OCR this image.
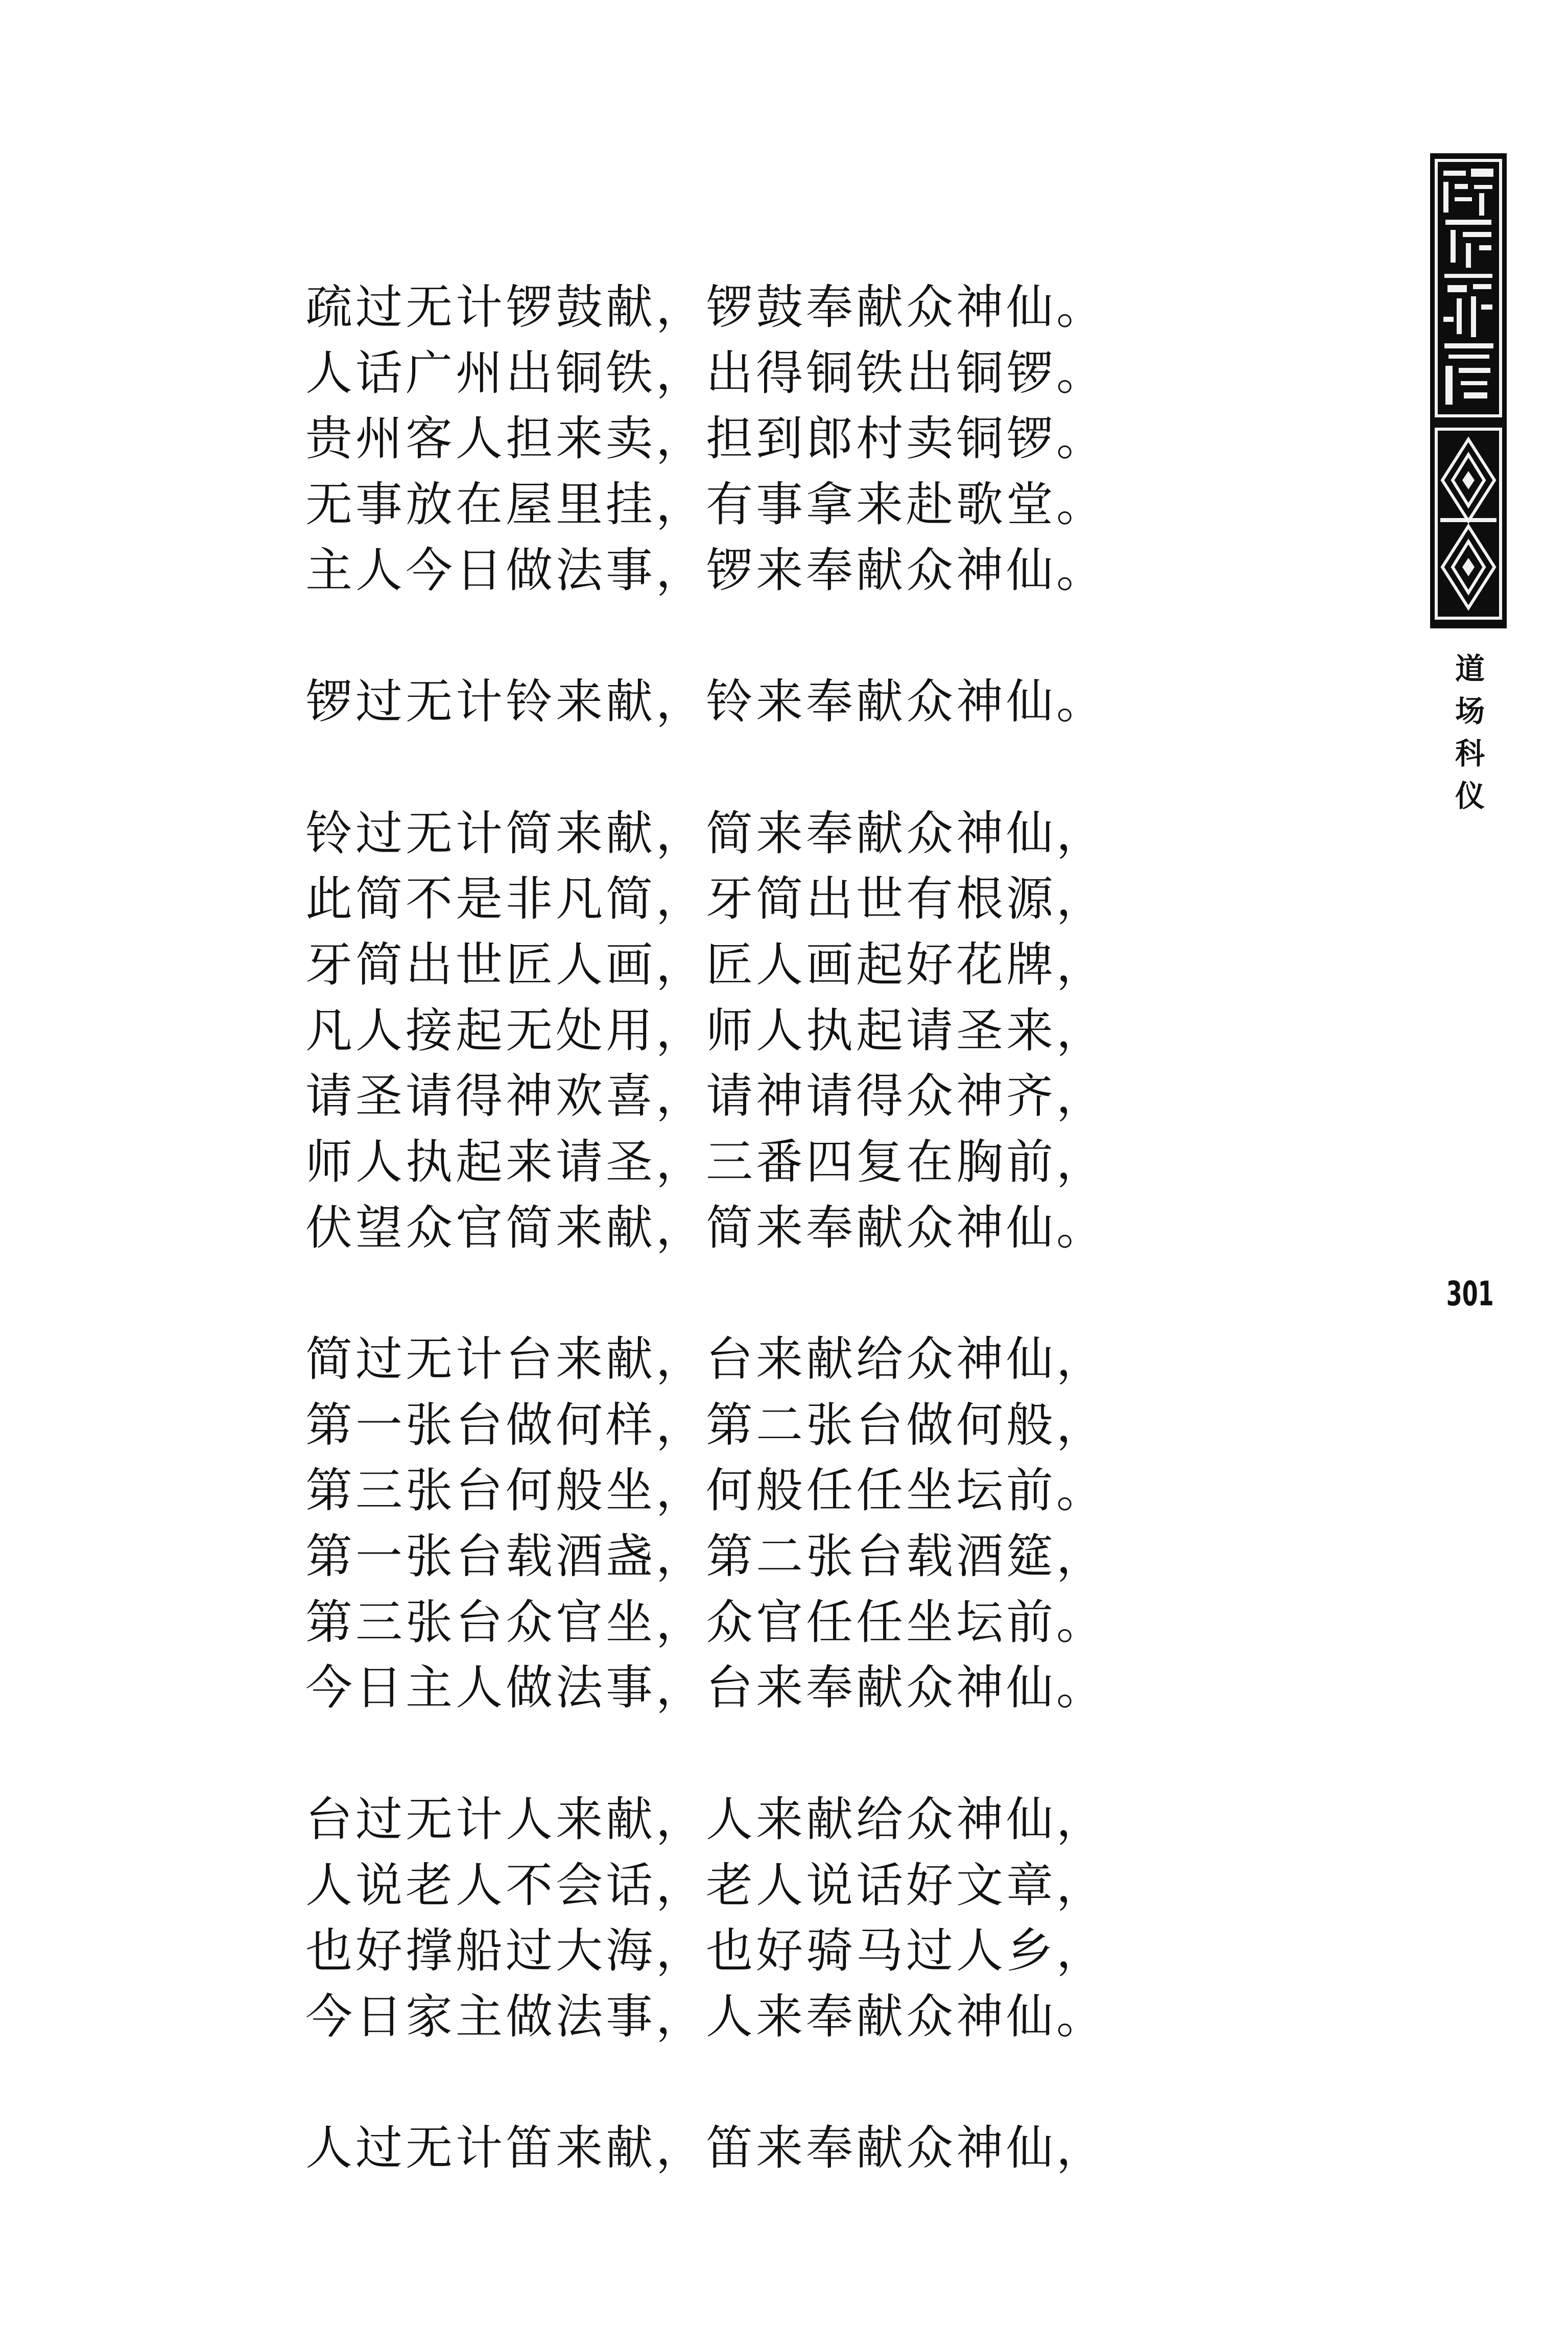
疏过无计锣鼓献，锣鼓奉献众神仙。
人话广州出铜铁，出得铜铁出铜锣。
贵州客人担来卖，担到郎村卖铜锣。
无事放在屋里挂，有事拿来赴歌堂。
主人今日做法事，锣来奉献众神仙。
锣过无计铃来献，铃来奉献众神仙。
铃过无计简来献，简来奉献众神仙，
此简不是非凡简，牙简出世有根源，
牙简出世匠人画，匠人画起好花牌，
凡人接起无处用，师人执起请圣来，
请圣请得神欢喜，请神请得众神齐，
师人执起来请圣，三番四复在胸前，
伏望众官简来献，简来奉献众神仙。
简过无计台来献，台来献给众神仙，
第一张台做何样，第二张台做何般，
第三张台何般坐，何般任任坐坛前。
第一张台载酒盏，第二张台载酒筵，
第三张台众官坐，众官任任坐坛前。
今日主人做法事，台来奉献众神仙。
台过无计人来献，人来献给众神仙，
人说老人不会话，老人说话好文章，
也好撑船过大海，也好骑马过人乡，
今日家主做法事，人来奉献众神仙。
人过无计笛来献，笛来奉献众神仙，
道
场
科
仪
301
